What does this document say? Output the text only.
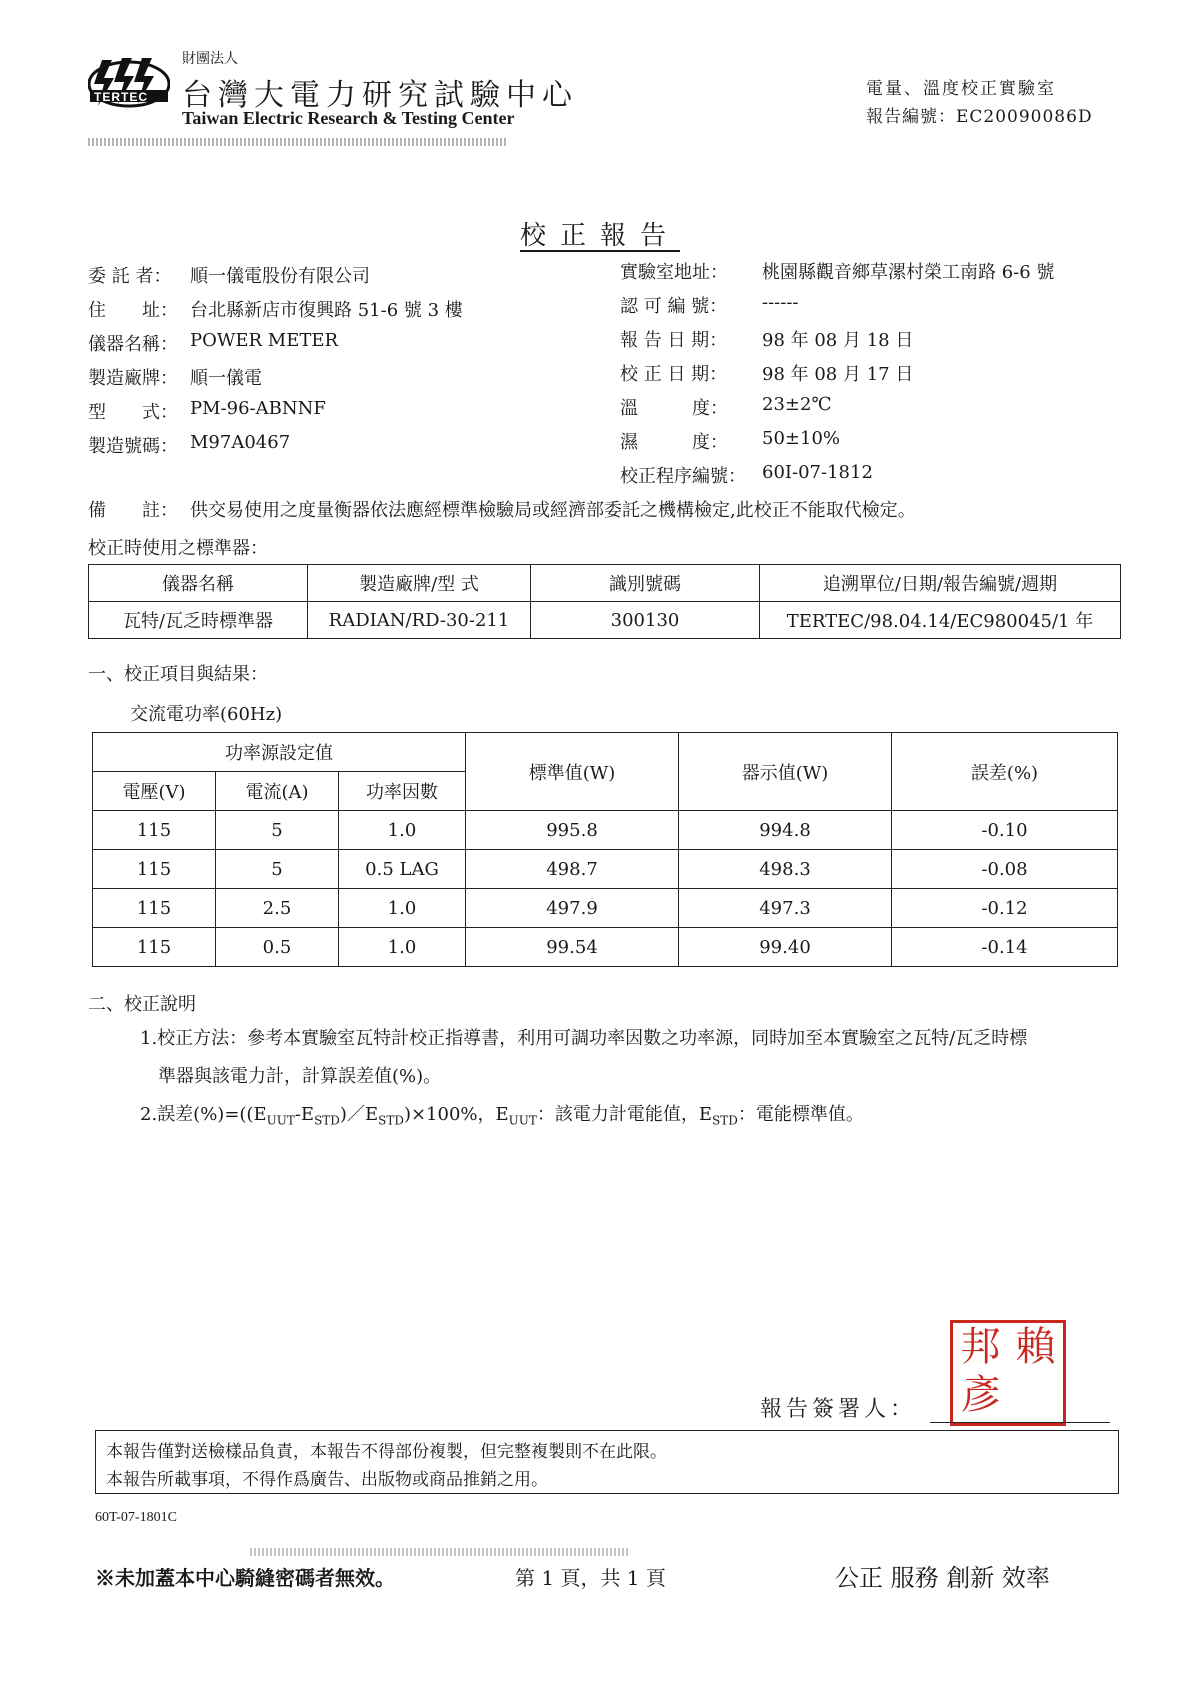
TERTEC
財團法人
台灣大電力研究試驗中心
Taiwan Electric Research & Testing Center
電量、溫度校正實驗室
報告編號：EC20090086D
校正報告
委 託 者： 順一儀電股份有限公司
住　　址： 台北縣新店市復興路 51-6 號 3 樓
儀器名稱： POWER METER
製造廠牌： 順一儀電
型　　式： PM-96-ABNNF
製造號碼： M97A0467
實驗室地址： 桃園縣觀音鄉草漯村榮工南路 6-6 號
認 可 編 號： ------
報 告 日 期： 98 年 08 月 18 日
校 正 日 期： 98 年 08 月 17 日
溫　　　度： 23±2℃
濕　　　度： 50±10%
校正程序編號： 60I-07-1812
備　　註： 供交易使用之度量衡器依法應經標準檢驗局或經濟部委託之機構檢定,此校正不能取代檢定。
校正時使用之標準器：
儀器名稱	製造廠牌/型 式	識別號碼	追溯單位/日期/報告編號/週期
瓦特/瓦乏時標準器	RADIAN/RD-30-211	300130	TERTEC/98.04.14/EC980045/1 年
一、校正項目與結果：
交流電功率(60Hz)
功率源設定值			標準值(W)	器示值(W)	誤差(%)
電壓(V)	電流(A)	功率因數			
115	5	1.0	995.8	994.8	-0.10
115	5	0.5 LAG	498.7	498.3	-0.08
115	2.5	1.0	497.9	497.3	-0.12
115	0.5	1.0	99.54	99.40	-0.14
二、校正說明
1.校正方法：參考本實驗室瓦特計校正指導書，利用可調功率因數之功率源，同時加至本實驗室之瓦特/瓦乏時標
準器與該電力計，計算誤差值(%)。
2.誤差$(\%)=((E_{UUT}-E_{STD})/E_{STD})\times 100\%$，$E_{UUT}$：該電力計電能值，$E_{STD}$：電能標準值。
邦 賴
彥

報告簽署人：
本報告僅對送檢樣品負責，本報告不得部份複製，但完整複製則不在此限。
本報告所載事項，不得作爲廣告、出版物或商品推銷之用。
60T-07-1801C
※未加蓋本中心騎縫密碼者無效。	第 1 頁，共 1 頁	公正 服務 創新 效率
